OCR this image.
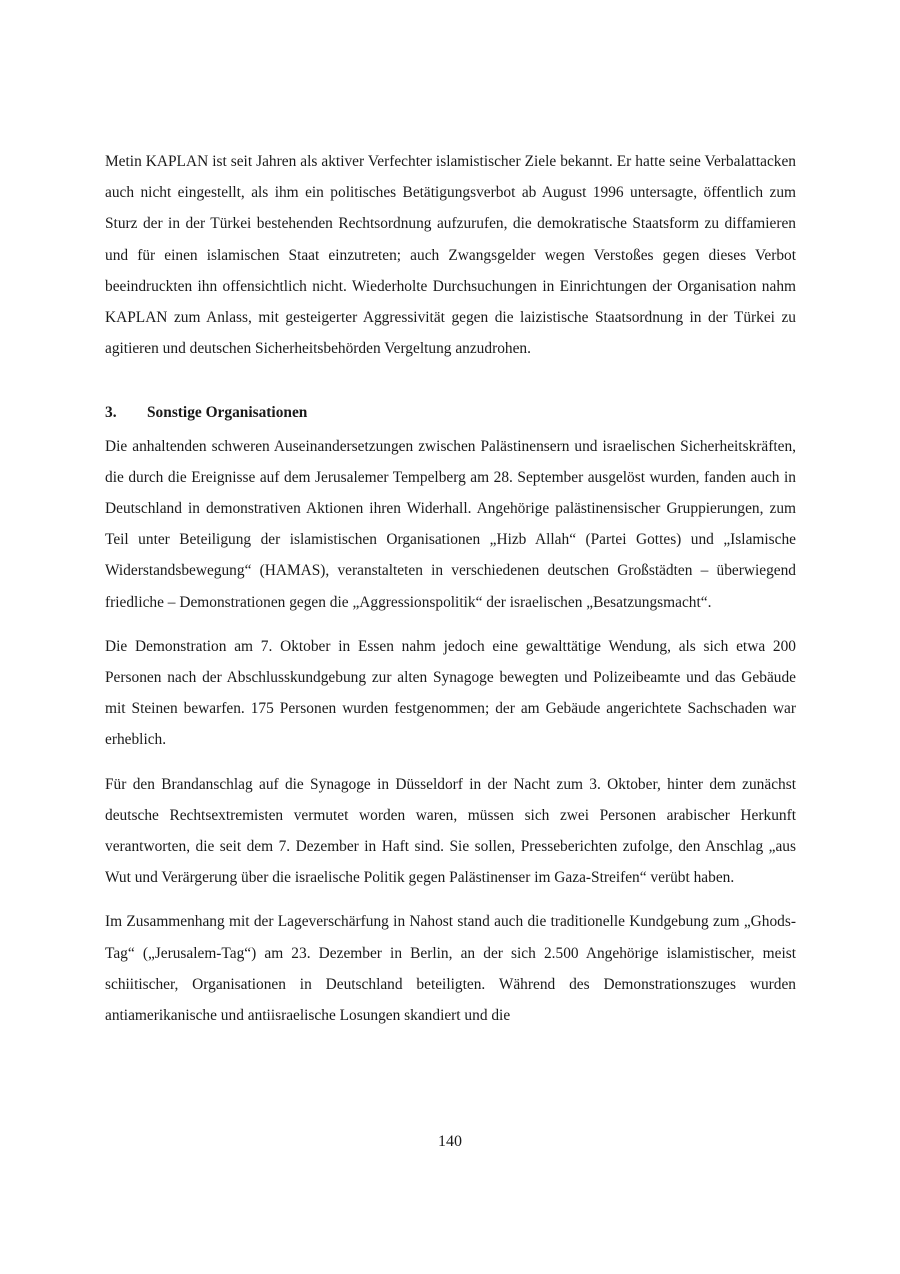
Metin KAPLAN ist seit Jahren als aktiver Verfechter islamistischer Ziele bekannt. Er hatte seine Verbalattacken auch nicht eingestellt, als ihm ein politisches Betätigungsverbot ab August 1996 untersagte, öffentlich zum Sturz der in der Türkei bestehenden Rechtsordnung aufzurufen, die demokratische Staatsform zu diffamieren und für einen islamischen Staat einzutreten; auch Zwangsgelder wegen Verstoßes gegen dieses Verbot beeindruckten ihn offensichtlich nicht. Wiederholte Durchsuchungen in Einrichtungen der Organisation nahm KAPLAN zum Anlass, mit gesteigerter Aggressivität gegen die laizistische Staatsordnung in der Türkei zu agitieren und deutschen Sicherheitsbehörden Vergeltung anzudrohen.

3. Sonstige Organisationen

Die anhaltenden schweren Auseinandersetzungen zwischen Palästinensern und israelischen Sicherheitskräften, die durch die Ereignisse auf dem Jerusalemer Tempelberg am 28. September ausgelöst wurden, fanden auch in Deutschland in demonstrativen Aktionen ihren Widerhall. Angehörige palästinensischer Gruppierungen, zum Teil unter Beteiligung der islamistischen Organisationen „Hizb Allah“ (Partei Gottes) und „Islamische Widerstandsbewegung“ (HAMAS), veranstalteten in verschiedenen deutschen Großstädten – überwiegend friedliche – Demonstrationen gegen die „Aggressionspolitik“ der israelischen „Besatzungsmacht“.

Die Demonstration am 7. Oktober in Essen nahm jedoch eine gewalttätige Wendung, als sich etwa 200 Personen nach der Abschlusskundgebung zur alten Synagoge bewegten und Polizeibeamte und das Gebäude mit Steinen bewarfen. 175 Personen wurden festgenommen; der am Gebäude angerichtete Sachschaden war erheblich.

Für den Brandanschlag auf die Synagoge in Düsseldorf in der Nacht zum 3. Oktober, hinter dem zunächst deutsche Rechtsextremisten vermutet worden waren, müssen sich zwei Personen arabischer Herkunft verantworten, die seit dem 7. Dezember in Haft sind. Sie sollen, Presseberichten zufolge, den Anschlag „aus Wut und Verärgerung über die israelische Politik gegen Palästinenser im Gaza-Streifen“ verübt haben.

Im Zusammenhang mit der Lageverschärfung in Nahost stand auch die traditionelle Kundgebung zum „Ghods-Tag“ („Jerusalem-Tag“) am 23. Dezember in Berlin, an der sich 2.500 Angehörige islamistischer, meist schiitischer, Organisationen in Deutschland beteiligten. Während des Demonstrationszuges wurden antiamerikanische und antiisraelische Losungen skandiert und die

140
